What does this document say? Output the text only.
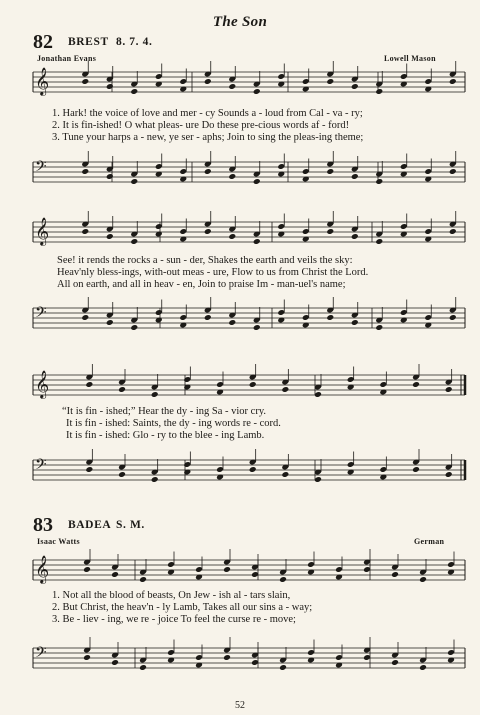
The Son
82 BREST 8. 7. 4.
Jonathan Evans	Lowell Mason
𝄞
𝄢
𝄞
𝄢
𝄞
𝄢
𝄞
𝄢
1. Hark! the voice of love and mer - cy Sounds a - loud from Cal - va - ry;
2. It is fin-ished! O what pleas- ure Do these pre-cious words af - ford!
3. Tune your harps a - new, ye ser - aphs; Join to sing the pleas-ing theme;
See! it rends the rocks a - sun - der, Shakes the earth and veils the sky:
Heav'nly bless-ings, with-out meas - ure, Flow to us from Christ the Lord.
All on earth, and all in heav - en, Join to praise Im - man-uel's name;
“It is fin - ished;” Hear the dy - ing Sa - vior cry.
It is fin - ished: Saints, the dy - ing words re - cord.
It is fin - ished: Glo - ry to the blee - ing Lamb.
83 BADEA S. M.
Isaac Watts	German
1. Not all the blood of beasts, On Jew - ish al - tars slain,
2. But Christ, the heav'n - ly Lamb, Takes all our sins a - way;
3. Be - liev - ing, we re - joice To feel the curse re - move;
52
